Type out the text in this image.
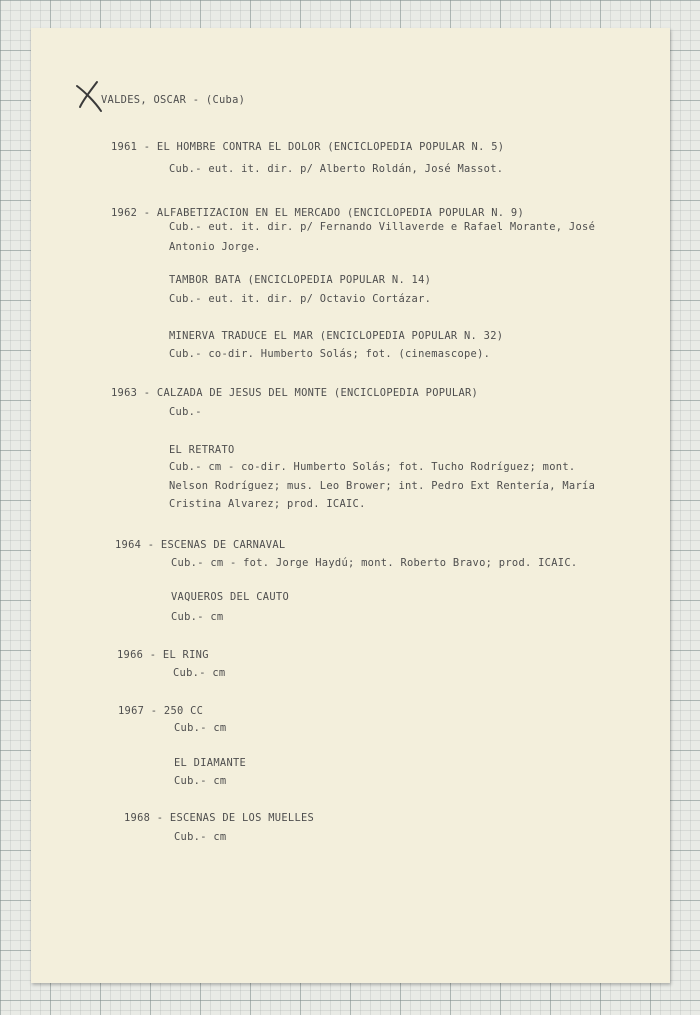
VALDES, OSCAR - (Cuba)
1961 - EL HOMBRE CONTRA EL DOLOR (ENCICLOPEDIA POPULAR N. 5)
Cub.- eut. it. dir. p/ Alberto Roldán, José Massot.
1962 - ALFABETIZACION EN EL MERCADO (ENCICLOPEDIA POPULAR N. 9)
Cub.- eut. it. dir. p/ Fernando Villaverde e Rafael Morante, José
Antonio Jorge.
TAMBOR BATA (ENCICLOPEDIA POPULAR N. 14)
Cub.- eut. it. dir. p/ Octavio Cortázar.
MINERVA TRADUCE EL MAR (ENCICLOPEDIA POPULAR N. 32)
Cub.- co-dir. Humberto Solás; fot. (cinemascope).
1963 - CALZADA DE JESUS DEL MONTE (ENCICLOPEDIA POPULAR)
Cub.-
EL RETRATO
Cub.- cm - co-dir. Humberto Solás; fot. Tucho Rodríguez; mont.
Nelson Rodríguez; mus. Leo Brower; int. Pedro Ext Rentería, María
Cristina Alvarez; prod. ICAIC.
1964 - ESCENAS DE CARNAVAL
Cub.- cm - fot. Jorge Haydú; mont. Roberto Bravo; prod. ICAIC.
VAQUEROS DEL CAUTO
Cub.- cm
1966 - EL RING
Cub.- cm
1967 - 250 CC
Cub.- cm
EL DIAMANTE
Cub.- cm
1968 - ESCENAS DE LOS MUELLES
Cub.- cm
